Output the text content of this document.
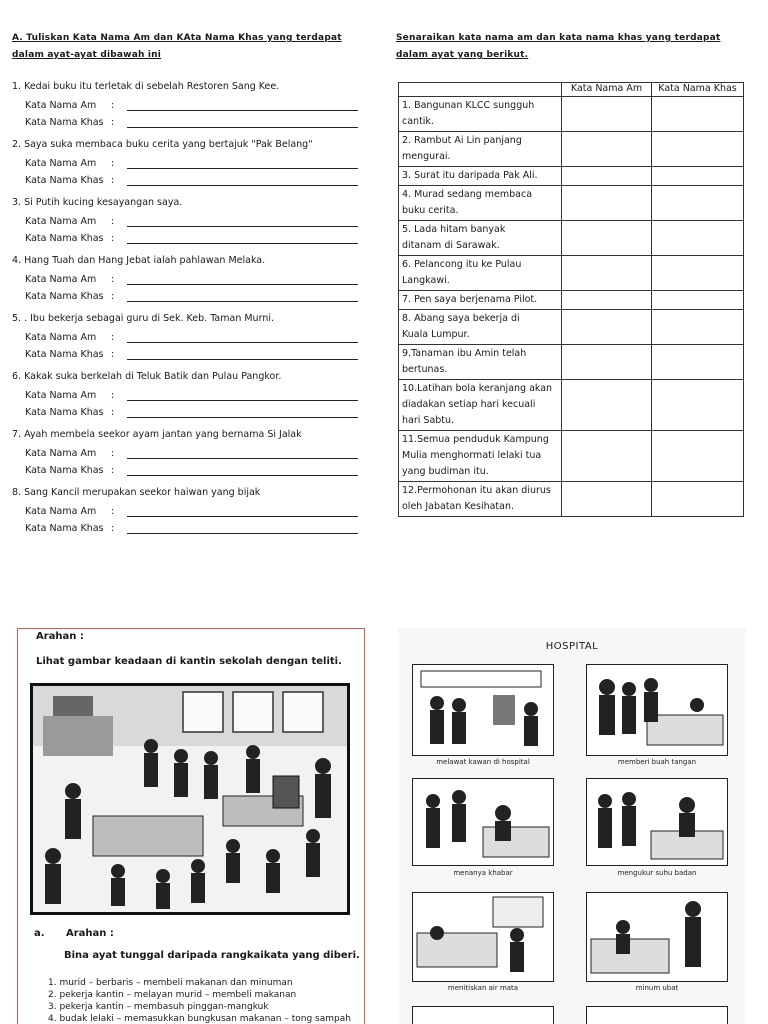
A. Tuliskan Kata Nama Am dan KAta Nama Khas yang terdapat
dalam ayat-ayat dibawah ini
1. Kedai buku itu terletak di sebelah Restoren Sang Kee.
Kata Nama Am	:
Kata Nama Khas :
2. Saya suka membaca buku cerita yang bertajuk "Pak Belang"
Kata Nama Am	:
Kata Nama Khas :
3. Si Putih kucing kesayangan saya.
Kata Nama Am	:
Kata Nama Khas :
4. Hang Tuah dan Hang Jebat ialah pahlawan Melaka.
Kata Nama Am	:
Kata Nama Khas :
5. . Ibu bekerja sebagai guru di Sek. Keb. Taman Murni.
Kata Nama Am	:
Kata Nama Khas :
6. Kakak suka berkelah di Teluk Batik dan Pulau Pangkor.
Kata Nama Am	:
Kata Nama Khas :
7. Ayah membela seekor ayam jantan yang bernama Si Jalak
Kata Nama Am	:
Kata Nama Khas :
8. Sang Kancil merupakan seekor haiwan yang bijak
Kata Nama Am	:
Kata Nama Khas :
Senaraikan kata nama am dan kata nama khas yang terdapat
dalam ayat yang berikut.
	Kata Nama Am	Kata Nama Khas

1. Bangunan KLCC sungguh
cantik.		

2. Rambut Ai Lin panjang
mengurai.		

3. Surat itu daripada Pak Ali.		

4. Murad sedang membaca
buku cerita.		

5. Lada hitam banyak
ditanam di Sarawak.		

6. Pelancong itu ke Pulau
Langkawi.		

7. Pen saya berjenama Pilot.		

8. Abang saya bekerja di
Kuala Lumpur.		

9.Tanaman ibu Amin telah
bertunas.		

10.Latihan bola keranjang akan
diadakan setiap hari kecuali
hari Sabtu.		

11.Semua penduduk Kampung
Mulia menghormati lelaki tua
yang budiman itu.		

12.Permohonan itu akan diurus
oleh Jabatan Kesihatan.		

Arahan :
Lihat gambar keadaan di kantin sekolah dengan teliti.
a. Arahan :
Bina ayat tunggal daripada rangkaikata yang diberi.
1. murid – berbaris – membeli makanan dan minuman
2. pekerja kantin – melayan murid – membeli makanan
3. pekerja kantin – membasuh pinggan-mangkuk
4. budak lelaki – memasukkan bungkusan makanan – tong sampah
HOSPITAL
melawat kawan di hospital	memberi buah tangan
menanya khabar	mengukur suhu badan
menitiskan air mata	minum ubat
